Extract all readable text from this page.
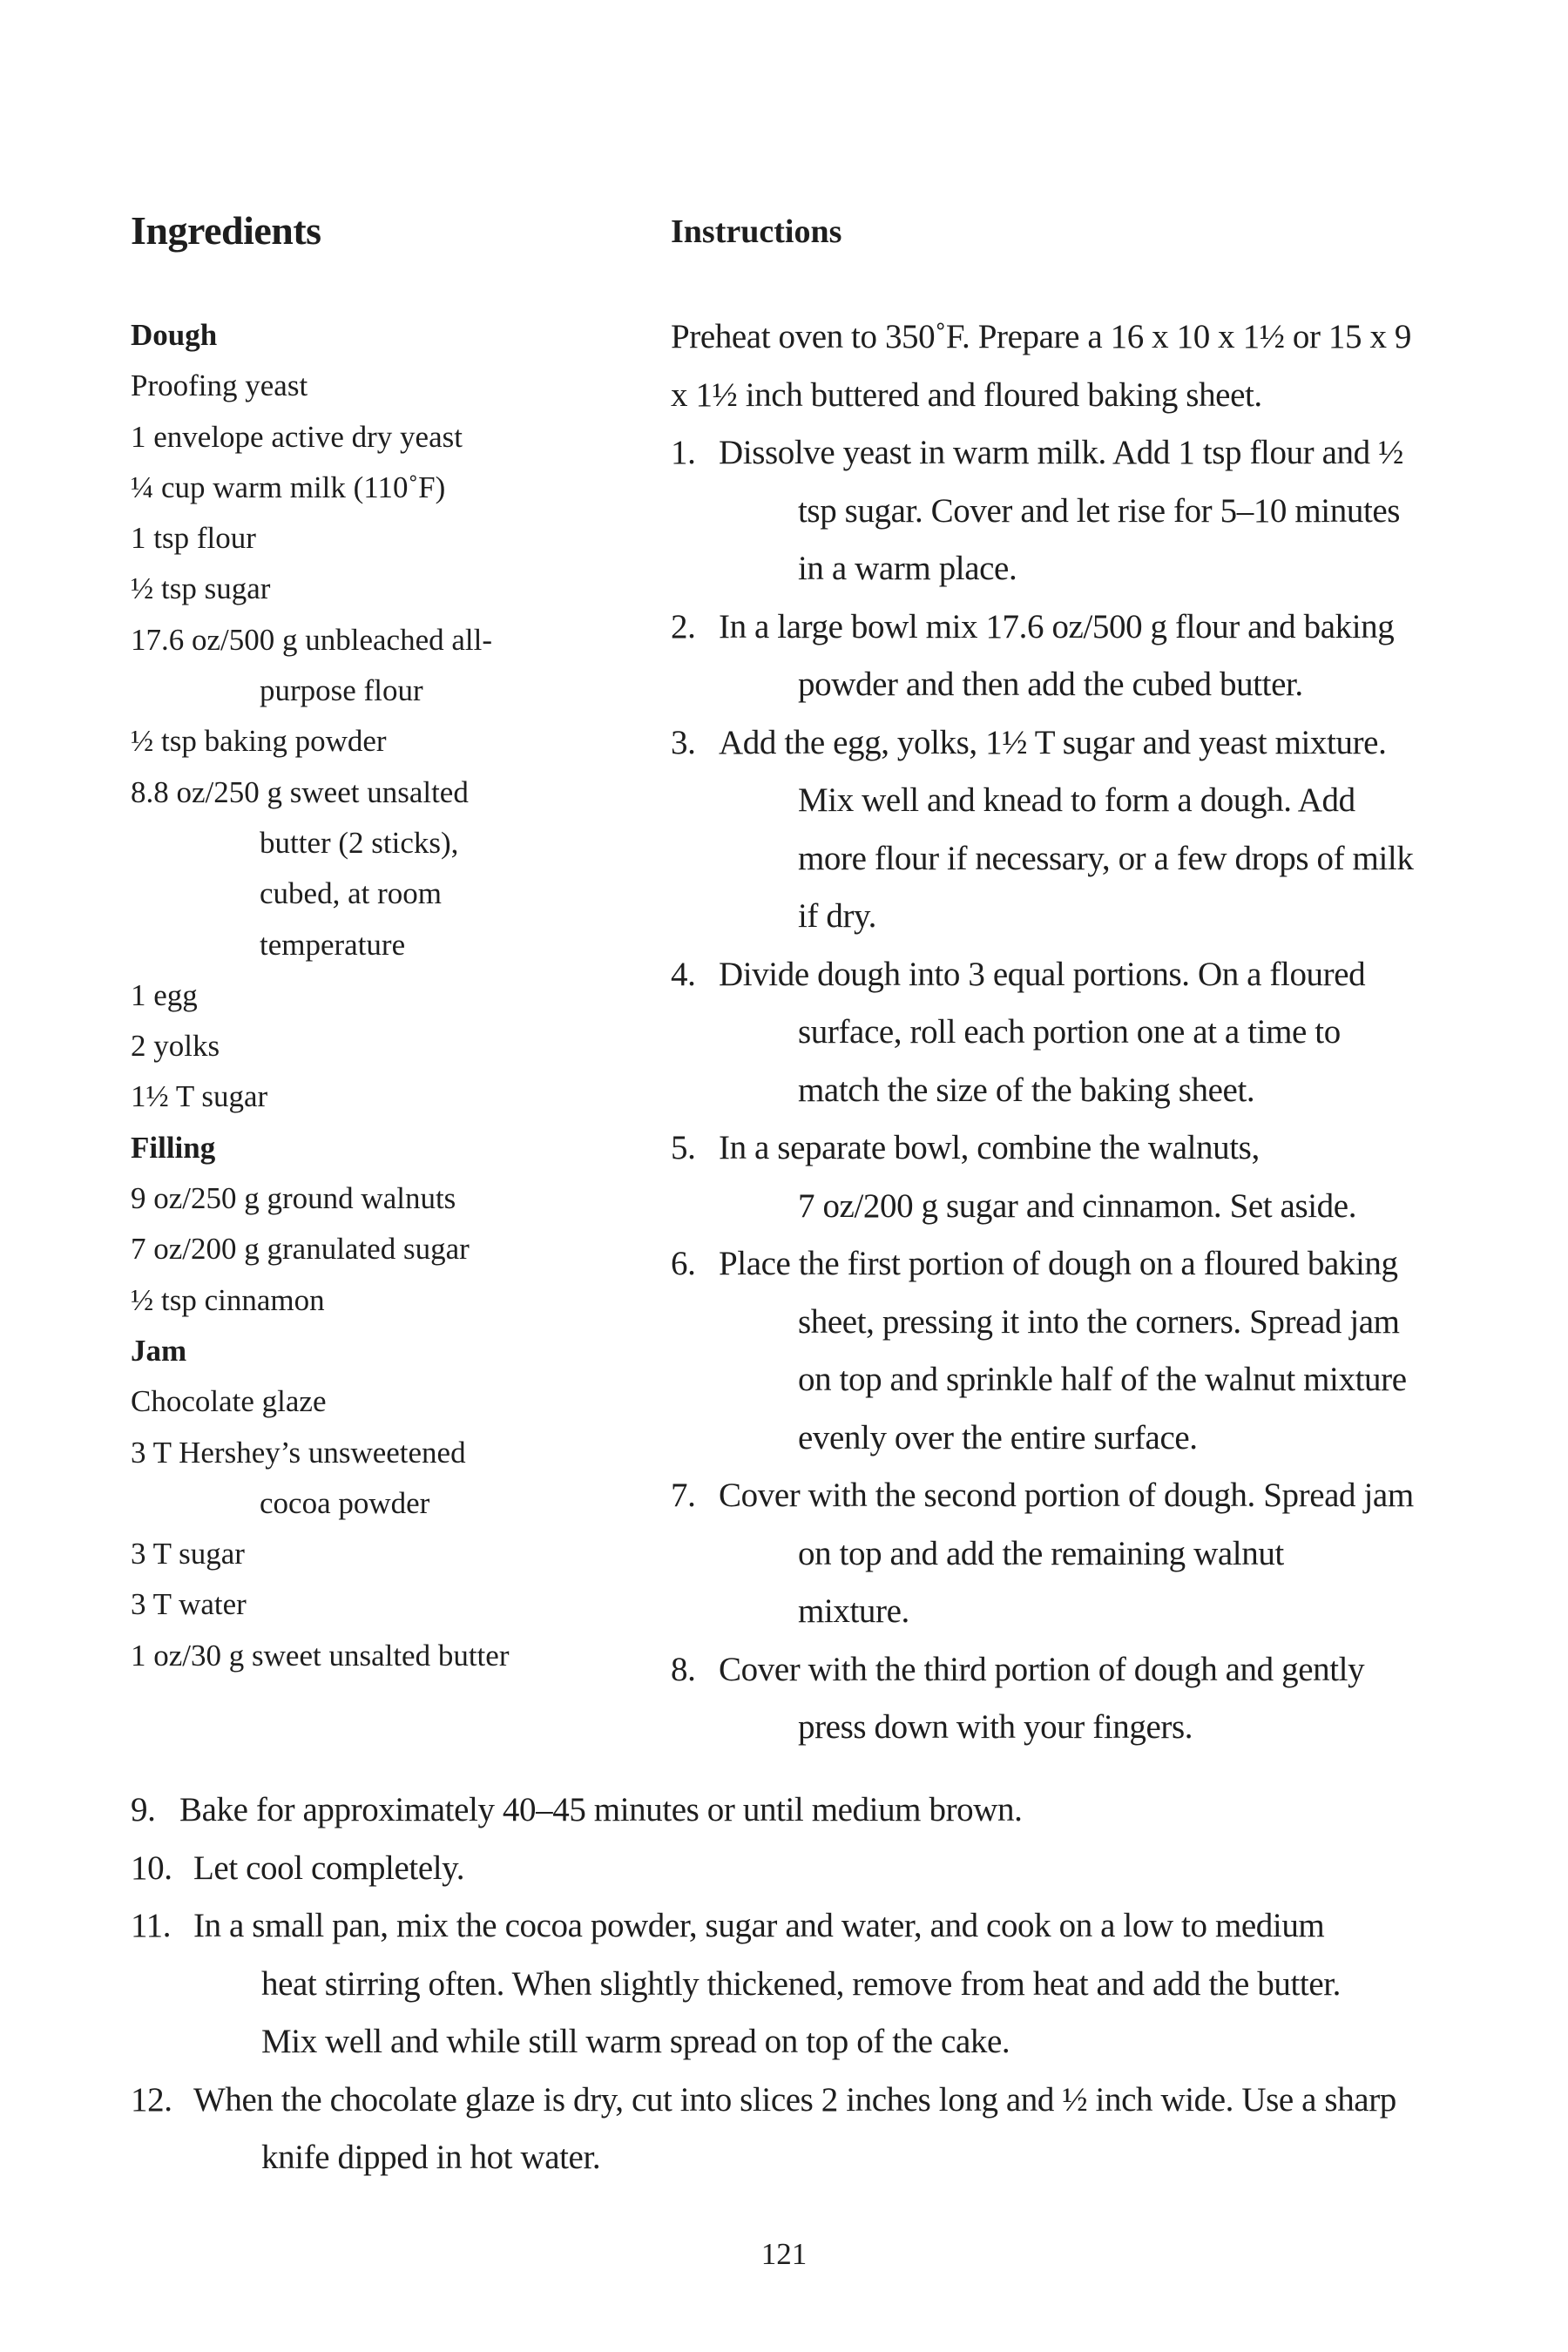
Ingredients
Dough
Proofing yeast
1 envelope active dry yeast
¼ cup warm milk (110˚F)
1 tsp flour
½ tsp sugar
17.6 oz/500 g unbleached all-
purpose flour
½ tsp baking powder
8.8 oz/250 g sweet unsalted
butter (2 sticks),
cubed, at room
temperature
1 egg
2 yolks
1½ T sugar
Filling
9 oz/250 g ground walnuts
7 oz/200 g granulated sugar
½ tsp cinnamon
Jam
Chocolate glaze
3 T Hershey’s unsweetened
cocoa powder
3 T sugar
3 T water
1 oz/30 g sweet unsalted butter
Instructions
Preheat oven to 350˚F. Prepare a 16 x 10 x 1½ or 15 x 9
x 1½ inch buttered and floured baking sheet.
1. Dissolve yeast in warm milk. Add 1 tsp flour and ½
tsp sugar. Cover and let rise for 5–10 minutes
in a warm place.
2. In a large bowl mix 17.6 oz/500 g flour and baking
powder and then add the cubed butter.
3. Add the egg, yolks, 1½ T sugar and yeast mixture.
Mix well and knead to form a dough. Add
more flour if necessary, or a few drops of milk
if dry.
4. Divide dough into 3 equal portions. On a floured
surface, roll each portion one at a time to
match the size of the baking sheet.
5. In a separate bowl, combine the walnuts,
7 oz/200 g sugar and cinnamon. Set aside.
6. Place the first portion of dough on a floured baking
sheet, pressing it into the corners. Spread jam
on top and sprinkle half of the walnut mixture
evenly over the entire surface.
7. Cover with the second portion of dough. Spread jam
on top and add the remaining walnut
mixture.
8. Cover with the third portion of dough and gently
press down with your fingers.
9. Bake for approximately 40–45 minutes or until medium brown.
10. Let cool completely.
11. In a small pan, mix the cocoa powder, sugar and water, and cook on a low to medium
heat stirring often. When slightly thickened, remove from heat and add the butter.
Mix well and while still warm spread on top of the cake.
12. When the chocolate glaze is dry, cut into slices 2 inches long and ½ inch wide. Use a sharp
knife dipped in hot water.
121
